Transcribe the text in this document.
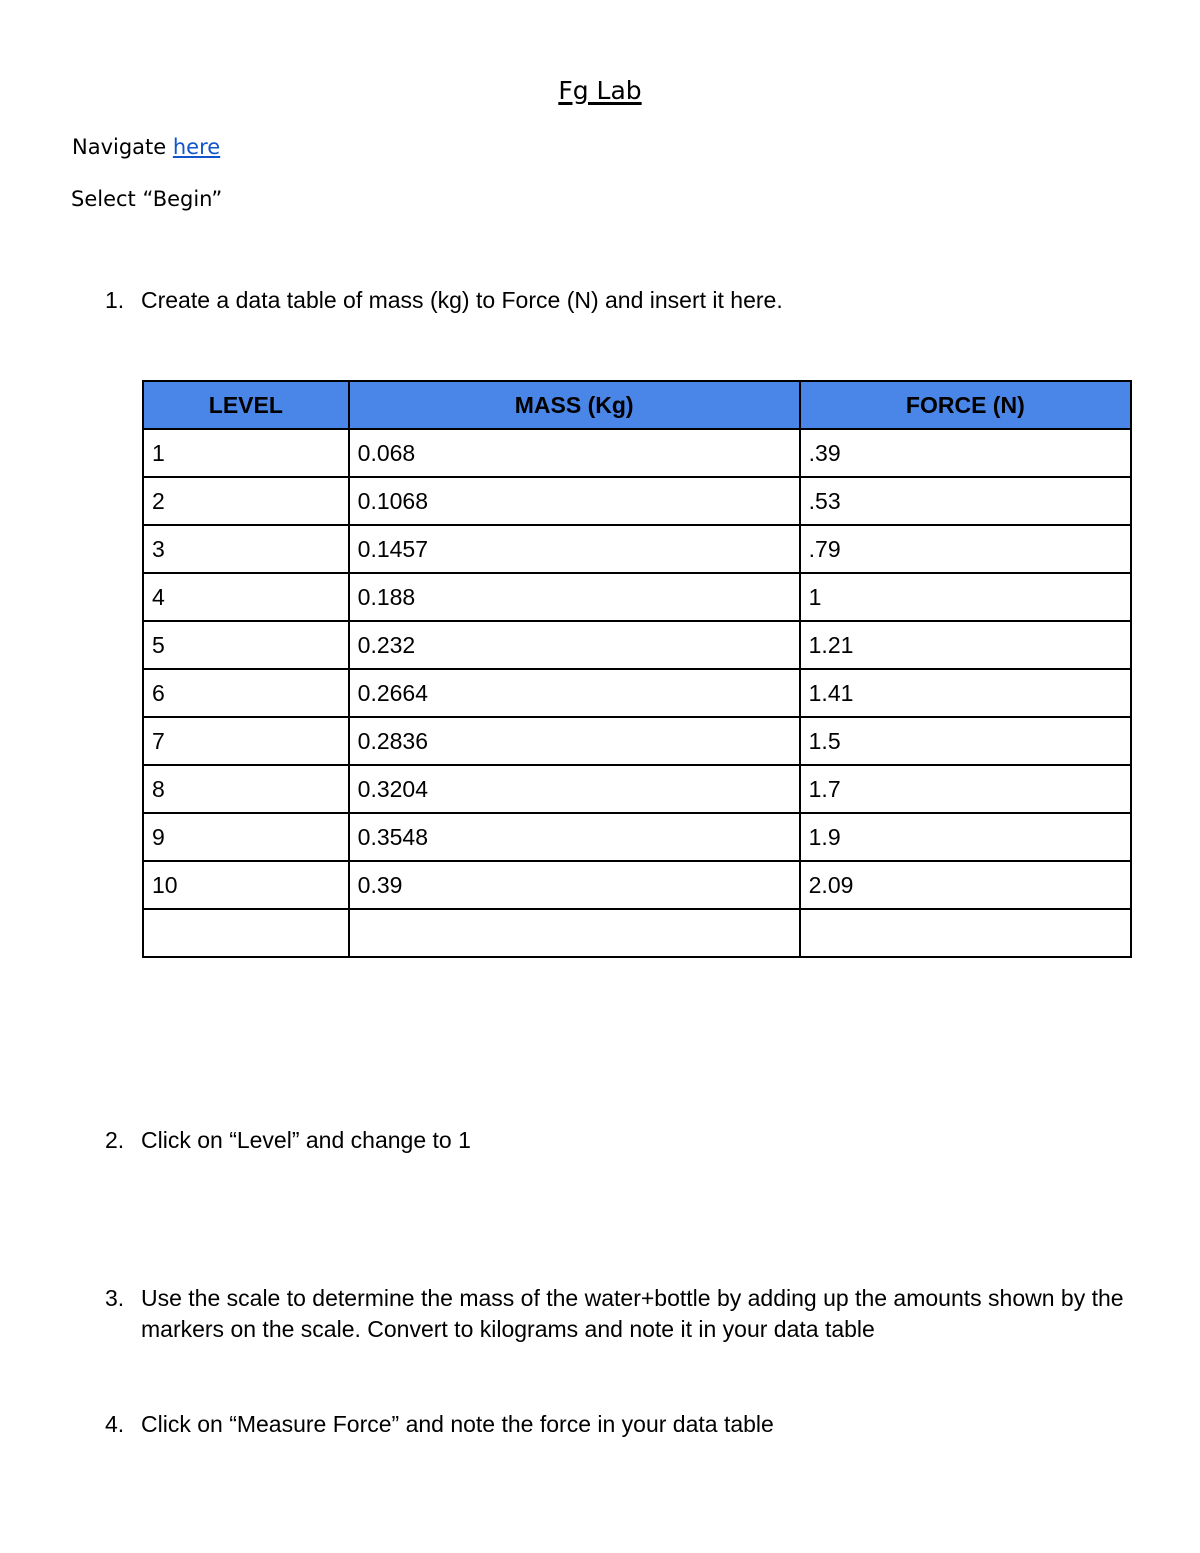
Fg Lab
Navigate here
Select “Begin”
1. Create a data table of mass (kg) to Force (N) and insert it here.
LEVEL	MASS (Kg)	FORCE (N)
1	0.068	.39
2	0.1068	.53
3	0.1457	.79
4	0.188	1
5	0.232	1.21
6	0.2664	1.41
7	0.2836	1.5
8	0.3204	1.7
9	0.3548	1.9
10	0.39	2.09

2. Click on “Level” and change to 1
3. Use the scale to determine the mass of the water+bottle by adding up the amounts shown by the markers on the scale. Convert to kilograms and note it in your data table
4. Click on “Measure Force” and note the force in your data table
